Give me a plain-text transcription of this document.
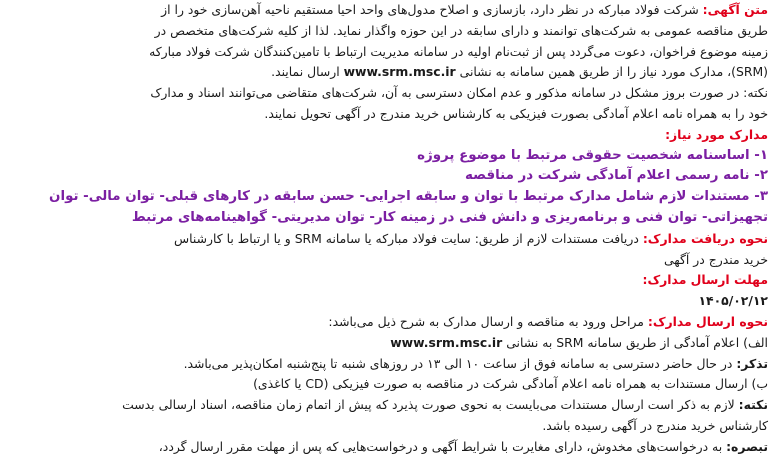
متن آگهی: شرکت فولاد مبارکه در نظر دارد، بازسازی و اصلاح مدول‌های واحد احیا مستقیم ناحیه آهن‌سازی خود را از
طریق مناقصه عمومی به شرکت‌های توانمند و دارای سابقه در این حوزه واگذار نماید. لذا از کلیه شرکت‌های متخصص در
زمینه موضوع فراخوان، دعوت می‌گردد پس از ثبت‌نام اولیه در سامانه مدیریت ارتباط با تامین‌کنندگان شرکت فولاد مبارکه
(SRM)، مدارک مورد نیاز را از طریق همین سامانه به نشانی www.srm.msc.ir ارسال نمایند.
نکته: در صورت بروز مشکل در سامانه مذکور و عدم امکان دسترسی به آن، شرکت‌های متقاضی می‌توانند اسناد و مدارک
خود را به همراه نامه اعلام آمادگی بصورت فیزیکی به کارشناس خرید مندرج در آگهی تحویل نمایند.
مدارک مورد نیاز:
۱- اساسنامه شخصیت حقوقی مرتبط با موضوع پروژه
۲- نامه رسمی اعلام آمادگی شرکت در مناقصه
۳- مستندات لازم شامل مدارک مرتبط با توان و سابقه اجرایی- حسن سابقه در کارهای قبلی- توان مالی- توان
تجهیزاتی- توان فنی و برنامه‌ریزی و دانش فنی در زمینه کار- توان مدیریتی- گواهینامه‌های مرتبط
نحوه دریافت مدارک: دریافت مستندات لازم از طریق: سایت فولاد مبارکه یا سامانه SRM و یا ارتباط با کارشناس
خرید مندرج در آگهی
مهلت ارسال مدارک:
۱۴۰۵/۰۲/۱۲
نحوه ارسال مدارک: مراحل ورود به مناقصه و ارسال مدارک به شرح ذیل می‌باشد:
الف) اعلام آمادگی از طریق سامانه SRM به نشانی www.srm.msc.ir
تذکر: در حال حاضر دسترسی به سامانه فوق از ساعت ۱۰ الی ۱۳ در روزهای شنبه تا پنج‌شنبه امکان‌پذیر می‌باشد.
ب) ارسال مستندات به همراه نامه اعلام آمادگی شرکت در مناقصه به صورت فیزیکی (CD یا کاغذی)
نکته: لازم به ذکر است ارسال مستندات می‌بایست به نحوی صورت پذیرد که پیش از اتمام زمان مناقصه، اسناد ارسالی بدست
کارشناس خرید مندرج در آگهی رسیده باشد.
تبصره: به درخواست‌های مخدوش، دارای مغایرت با شرایط آگهی و درخواست‌هایی که پس از مهلت مقرر ارسال گردد،
